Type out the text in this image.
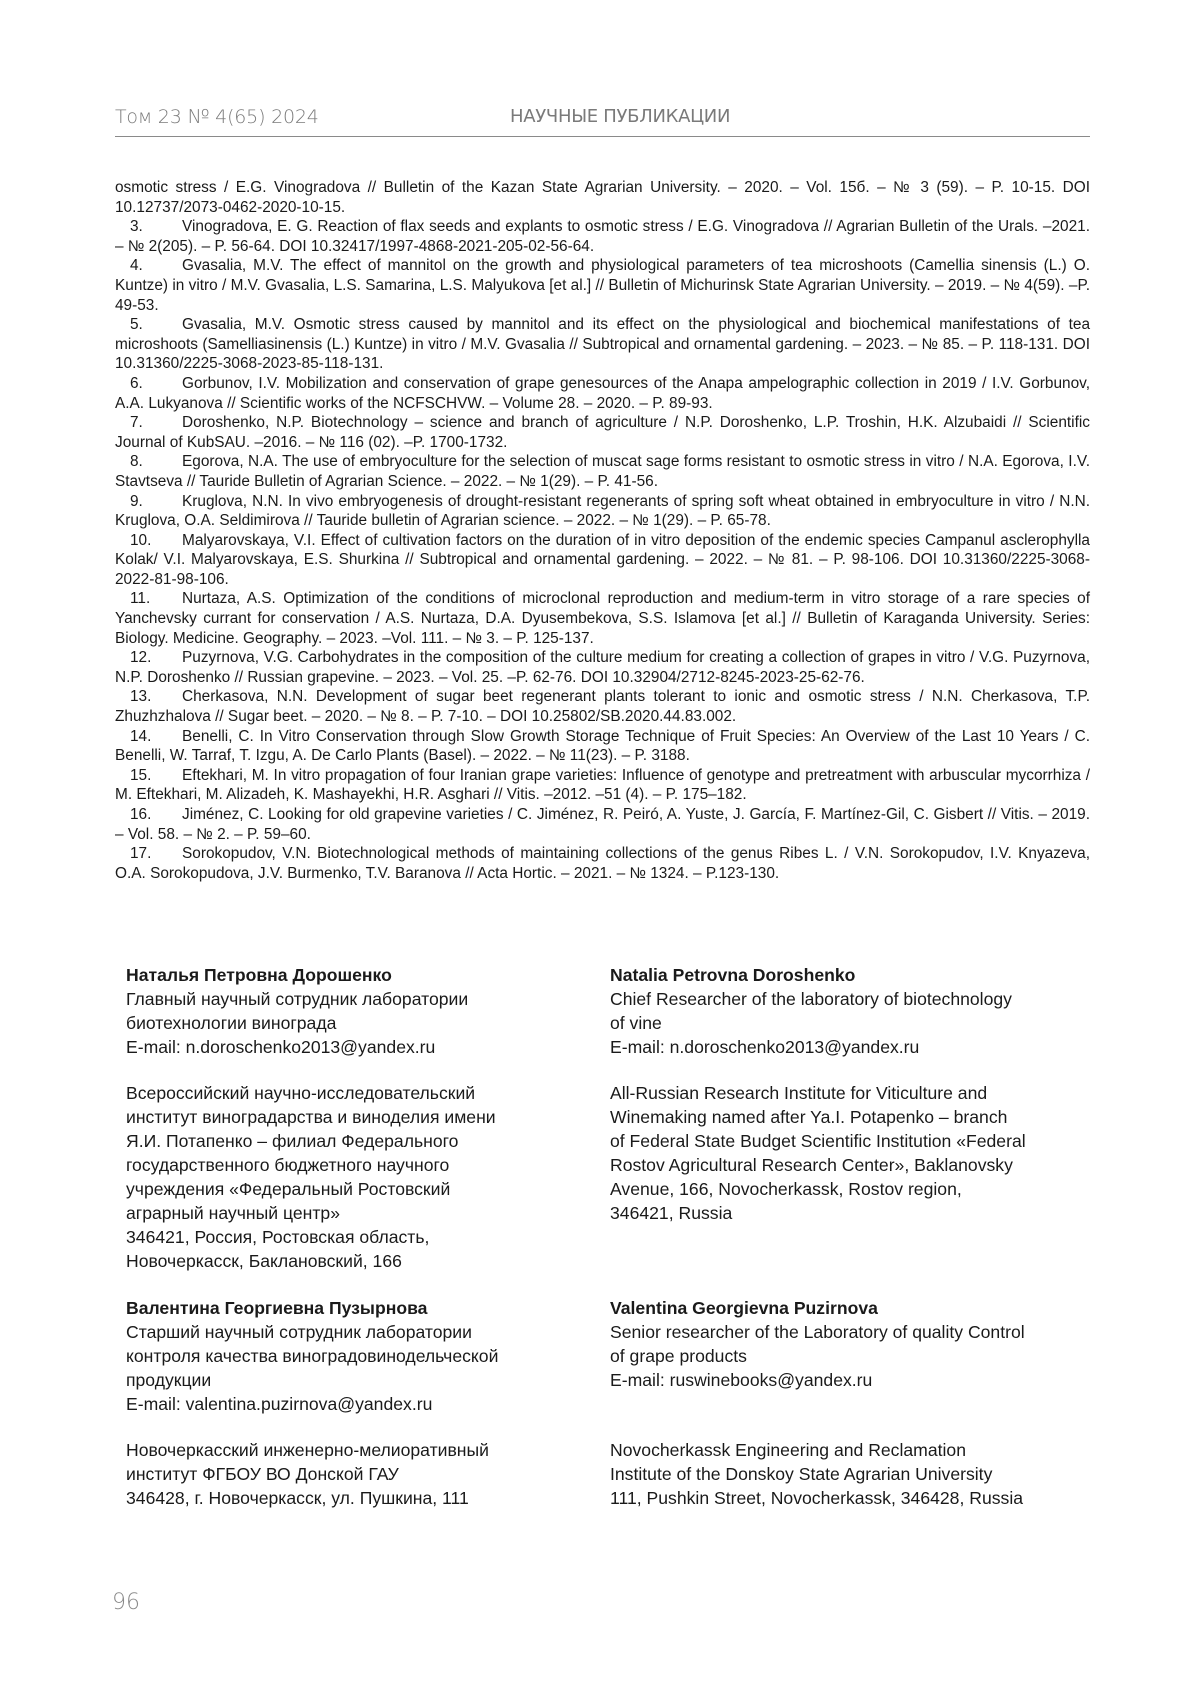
Том 23 № 4(65) 2024	НАУЧНЫЕ ПУБЛИКАЦИИ

osmotic stress / E.G. Vinogradova // Bulletin of the Kazan State Agrarian University. – 2020. – Vol. 15б. – № 3 (59). – P. 10-15. DOI 10.12737/2073-0462-2020-10-15.

3.	Vinogradova, E. G. Reaction of flax seeds and explants to osmotic stress / E.G. Vinogradova // Agrarian Bulletin of the Urals. –2021. – № 2(205). – P. 56-64. DOI 10.32417/1997-4868-2021-205-02-56-64.

4.	Gvasalia, M.V. The effect of mannitol on the growth and physiological parameters of tea microshoots (Camellia sinensis (L.) O. Kuntze) in vitro / M.V. Gvasalia, L.S. Samarina, L.S. Malyukova [et al.] // Bulletin of Michurinsk State Agrarian University. – 2019. – № 4(59). –P. 49-53.

5.	Gvasalia, M.V. Osmotic stress caused by mannitol and its effect on the physiological and biochemical manifestations of tea microshoots (Samelliasinensis (L.) Kuntze) in vitro / M.V. Gvasalia // Subtropical and ornamental gardening. – 2023. – № 85. – P. 118-131. DOI 10.31360/2225-3068-2023-85-118-131.

6.	Gorbunov, I.V. Mobilization and conservation of grape genesources of the Anapa ampelographic collection in 2019 / I.V. Gorbunov, A.A. Lukyanova // Scientific works of the NCFSCHVW. – Volume 28. – 2020. – P. 89-93.

7.	Doroshenko, N.P. Biotechnology – science and branch of agriculture / N.P. Doroshenko, L.P. Troshin, H.K. Alzubaidi // Scientific Journal of KubSAU. –2016. – № 116 (02). –P. 1700-1732.

8.	Egorova, N.A. The use of embryoculture for the selection of muscat sage forms resistant to osmotic stress in vitro / N.A. Egorova, I.V. Stavtseva // Tauride Bulletin of Agrarian Science. – 2022. – № 1(29). – P. 41-56.

9.	Kruglova, N.N. In vivo embryogenesis of drought-resistant regenerants of spring soft wheat obtained in embryoculture in vitro / N.N. Kruglova, O.A. Seldimirova // Tauride bulletin of Agrarian science. – 2022. – № 1(29). – P. 65-78.

10. Malyarovskaya, V.I. Effect of cultivation factors on the duration of in vitro deposition of the endemic species Campanul asclerophylla Kolak/ V.I. Malyarovskaya, E.S. Shurkina // Subtropical and ornamental gardening. – 2022. – № 81. – P. 98-106. DOI 10.31360/2225-3068-2022-81-98-106.

11. Nurtaza, A.S. Optimization of the conditions of microclonal reproduction and medium-term in vitro storage of a rare species of Yanchevsky currant for conservation / A.S. Nurtaza, D.A. Dyusembekova, S.S. Islamova [et al.] // Bulletin of Karaganda University. Series: Biology. Medicine. Geography. – 2023. –Vol. 111. – № 3. – P. 125-137.

12. Puzyrnova, V.G. Carbohydrates in the composition of the culture medium for creating a collection of grapes in vitro / V.G. Puzyrnova, N.P. Doroshenko // Russian grapevine. – 2023. – Vol. 25. –P. 62-76. DOI 10.32904/2712-8245-2023-25-62-76.

13. Cherkasova, N.N. Development of sugar beet regenerant plants tolerant to ionic and osmotic stress / N.N. Cherkasova, T.P. Zhuzhzhalova // Sugar beet. – 2020. – № 8. – P. 7-10. – DOI 10.25802/SB.2020.44.83.002.

14. Benelli, C. In Vitro Conservation through Slow Growth Storage Technique of Fruit Species: An Overview of the Last 10 Years / C. Benelli, W. Tarraf, T. Izgu, A. De Carlo Plants (Basel). – 2022. – № 11(23). – P. 3188.

15. Eftekhari, M. In vitro propagation of four Iranian grape varieties: Influence of genotype and pretreatment with arbuscular mycorrhiza / M. Eftekhari, M. Alizadeh, K. Mashayekhi, H.R. Asghari // Vitis. –2012. –51 (4). – P. 175–182.

16. Jiménez, C. Looking for old grapevine varieties / C. Jiménez, R. Peiró, A. Yuste, J. García, F. Martínez-Gil, C. Gisbert // Vitis. – 2019. – Vol. 58. – № 2. – P. 59–60.

17. Sorokopudov, V.N. Biotechnological methods of maintaining collections of the genus Ribes L. / V.N. Sorokopudov, I.V. Knyazeva, O.A. Sorokopudova, J.V. Burmenko, T.V. Baranova // Acta Hortic. – 2021. – № 1324. – P.123-130.

Наталья Петровна Дорошенко
Главный научный сотрудник лаборатории
биотехнологии винограда
E-mail: n.doroschenko2013@yandex.ru
Всероссийский научно-исследовательский
институт виноградарства и виноделия имени
Я.И. Потапенко – филиал Федерального
государственного бюджетного научного
учреждения «Федеральный Ростовский
аграрный научный центр»
346421, Россия, Ростовская область,
Новочеркасск, Баклановский, 166
Валентина Георгиевна Пузырнова
Старший научный сотрудник лаборатории
контроля качества виноградовинодельческой
продукции
E-mail: valentina.puzirnova@yandex.ru
Новочеркасский инженерно-мелиоративный
институт ФГБОУ ВО Донской ГАУ
346428, г. Новочеркасск, ул. Пушкина, 111
Natalia Petrovna Doroshenko
Chief Researcher of the laboratory of biotechnology
of vine
E-mail: n.doroschenko2013@yandex.ru
All-Russian Research Institute for Viticulture and
Winemaking named after Ya.I. Potapenko – branch
of Federal State Budget Scientific Institution «Federal
Rostov Agricultural Research Center», Baklanovsky
Avenue, 166, Novocherkassk, Rostov region,
346421, Russia
Valentina Georgievna Puzirnova
Senior researcher of the Laboratory of quality Control
of grape products
E-mail: ruswinebooks@yandex.ru
Novocherkassk Engineering and Reclamation
Institute of the Donskoy State Agrarian University
111, Pushkin Street, Novocherkassk, 346428, Russia
96
